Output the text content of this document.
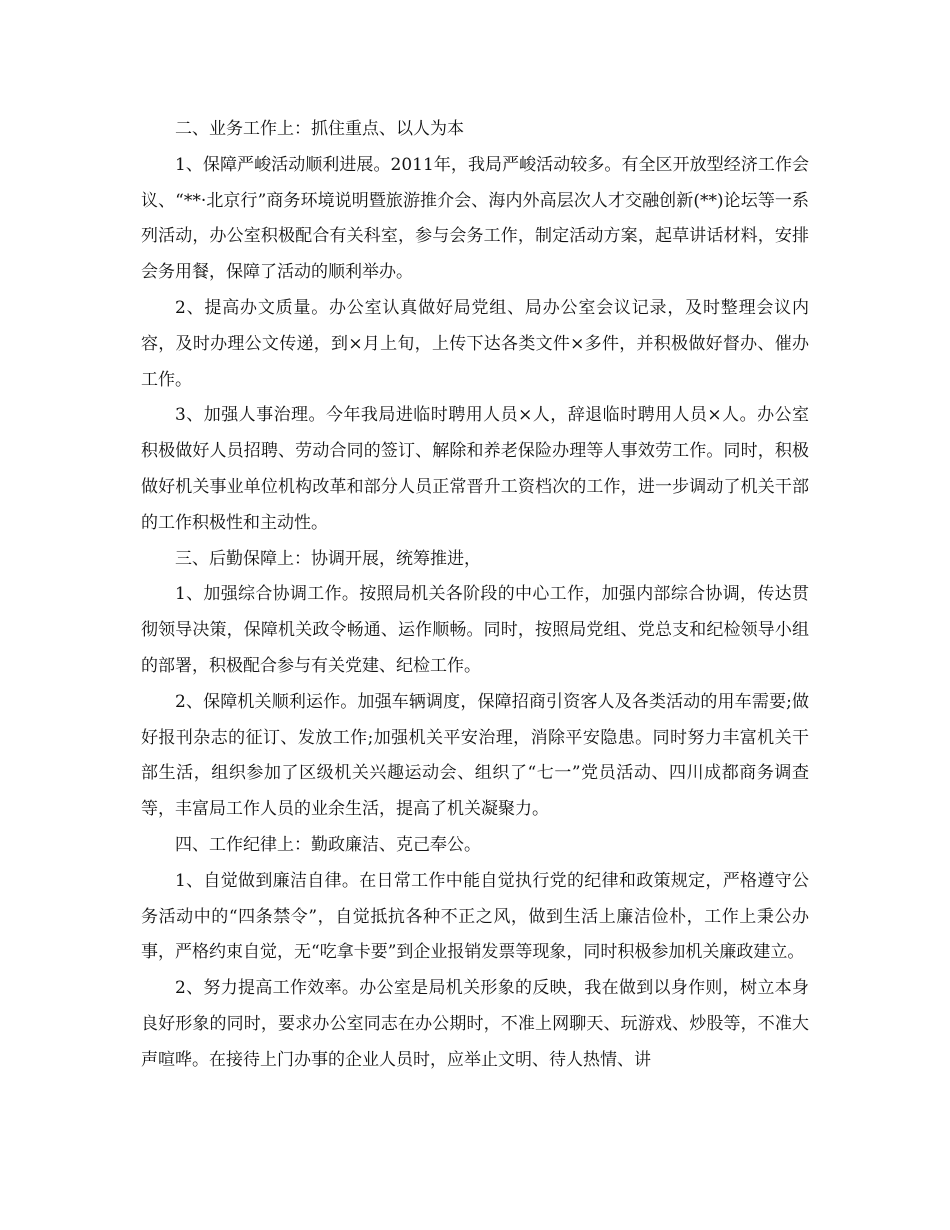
二、业务工作上：抓住重点、以人为本

1、保障严峻活动顺利进展。2011年，我局严峻活动较多。有全区开放型经济工作会议、“**·北京行”商务环境说明暨旅游推介会、海内外高层次人才交融创新(**)论坛等一系列活动，办公室积极配合有关科室，参与会务工作，制定活动方案，起草讲话材料，安排会务用餐，保障了活动的顺利举办。

2、提高办文质量。办公室认真做好局党组、局办公室会议记录，及时整理会议内容，及时办理公文传递，到×月上旬，上传下达各类文件×多件，并积极做好督办、催办工作。

3、加强人事治理。今年我局进临时聘用人员×人，辞退临时聘用人员×人。办公室积极做好人员招聘、劳动合同的签订、解除和养老保险办理等人事效劳工作。同时，积极做好机关事业单位机构改革和部分人员正常晋升工资档次的工作，进一步调动了机关干部的工作积极性和主动性。

三、后勤保障上：协调开展，统筹推进，

1、加强综合协调工作。按照局机关各阶段的中心工作，加强内部综合协调，传达贯彻领导决策，保障机关政令畅通、运作顺畅。同时，按照局党组、党总支和纪检领导小组的部署，积极配合参与有关党建、纪检工作。

2、保障机关顺利运作。加强车辆调度，保障招商引资客人及各类活动的用车需要;做好报刊杂志的征订、发放工作;加强机关平安治理，消除平安隐患。同时努力丰富机关干部生活，组织参加了区级机关兴趣运动会、组织了“七一”党员活动、四川成都商务调查等，丰富局工作人员的业余生活，提高了机关凝聚力。

四、工作纪律上：勤政廉洁、克己奉公。

1、自觉做到廉洁自律。在日常工作中能自觉执行党的纪律和政策规定，严格遵守公务活动中的“四条禁令”，自觉抵抗各种不正之风，做到生活上廉洁俭朴，工作上秉公办事，严格约束自觉，无“吃拿卡要”到企业报销发票等现象，同时积极参加机关廉政建立。

2、努力提高工作效率。办公室是局机关形象的反映，我在做到以身作则，树立本身良好形象的同时，要求办公室同志在办公期时，不准上网聊天、玩游戏、炒股等，不准大声喧哗。在接待上门办事的企业人员时，应举止文明、待人热情、讲
